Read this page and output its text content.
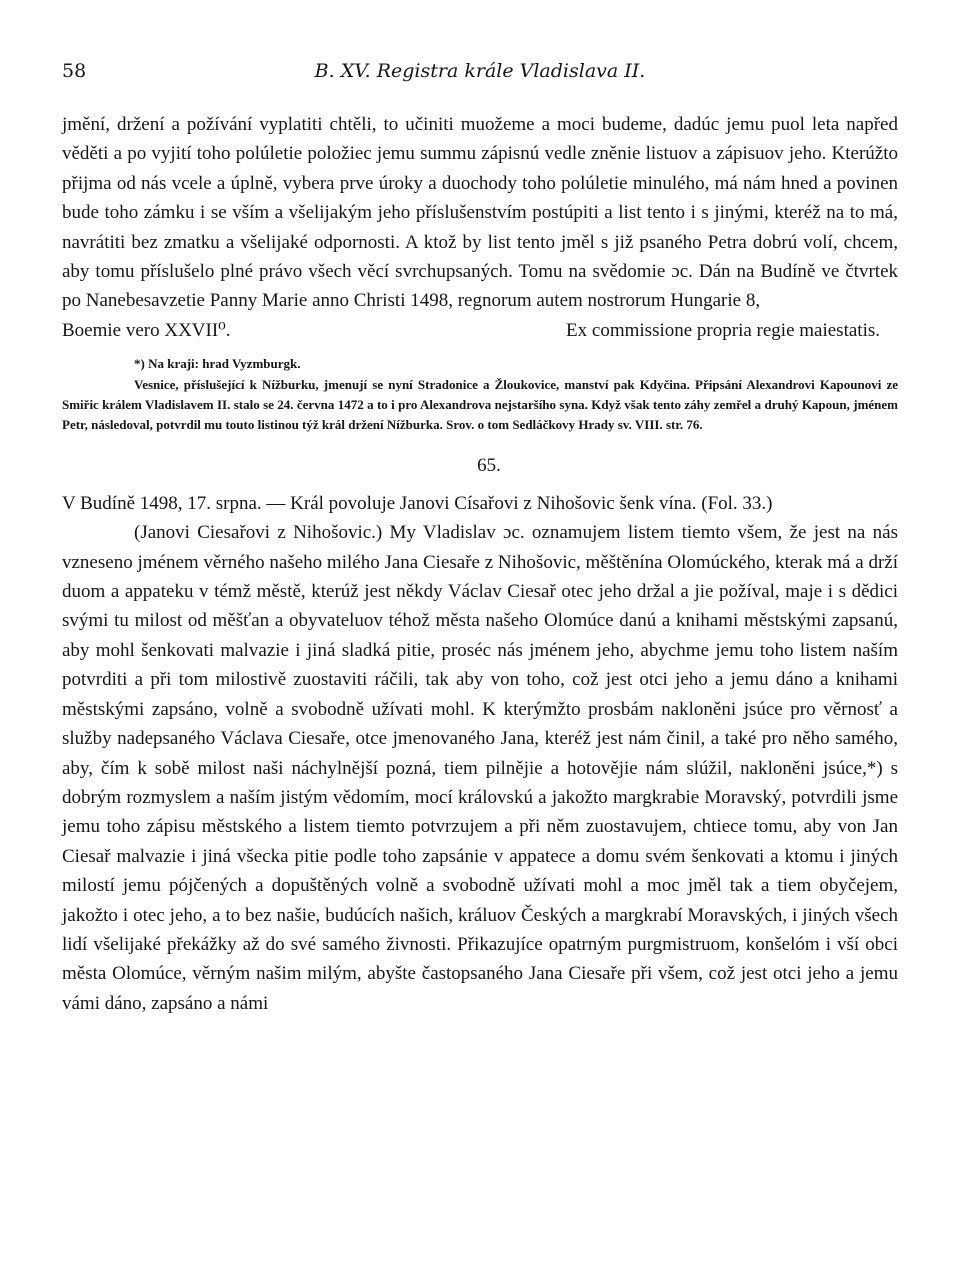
58	B. XV. Registra krále Vladislava II.

jmění, držení a požívání vyplatiti chtěli, to učiniti muožeme a moci budeme, dadúc jemu puol leta napřed věděti a po vyjití toho polúletie položiec jemu summu zápisnú vedle zněnie listuov a zápisuov jeho. Kterúžto přijma od nás vcele a úplně, vybera prve úroky a duochody toho polúletie minulého, má nám hned a povinen bude toho zámku i se vším a všelijakým jeho příslušenstvím postúpiti a list tento i s jinými, kteréž na to má, navrátiti bez zmatku a všelijaké odpornosti. A ktož by list tento jměl s již psaného Petra dobrú volí, chcem, aby tomu příslušelo plné právo všech věcí svrchupsaných. Tomu na svědomie ɔc. Dán na Budíně ve čtvrtek po Nanebesavzetie Panny Marie anno Christi 1498, regnorum autem nostrorum Hungarie 8,

Boemie vero XXVII⁰.	Ex commissione propria regie maiestatis.
*) Na kraji: hrad Vyzmburgk.

Vesnice, příslušející k Nížburku, jmenují se nyní Stradonice a Žloukovice, manství pak Kdyčina. Připsání Alexandrovi Kapounovi ze Smiřic králem Vladislavem II. stalo se 24. června 1472 a to i pro Alexandrova nejstaršího syna. Když však tento záhy zemřel a druhý Kapoun, jménem Petr, následoval, potvrdil mu touto listinou týž král držení Nížburka. Srov. o tom Sedláčkovy Hrady sv. VIII. str. 76.

65.
V Budíně 1498, 17. srpna. — Král povoluje Janovi Císařovi z Nihošovic šenk vína. (Fol. 33.)

(Janovi Ciesařovi z Nihošovic.) My Vladislav ɔc. oznamujem listem tiemto všem, že jest na nás vzneseno jménem věrného našeho milého Jana Ciesaře z Nihošovic, měštěnína Olomúckého, kterak má a drží duom a appateku v témž městě, kterúž jest někdy Václav Ciesař otec jeho držal a jie požíval, maje i s dědici svými tu milost od měšťan a obyvateluov téhož města našeho Olomúce danú a knihami městskými zapsanú, aby mohl šenkovati malvazie i jiná sladká pitie, proséc nás jménem jeho, abychme jemu toho listem naším potvrditi a při tom milostivě zuostaviti ráčili, tak aby von toho, což jest otci jeho a jemu dáno a knihami městskými zapsáno, volně a svobodně užívati mohl. K kterýmžto prosbám nakloněni jsúce pro věrnosť a služby nadepsaného Václava Ciesaře, otce jmenovaného Jana, kteréž jest nám činil, a také pro něho samého, aby, čím k sobě milost naši náchylnější pozná, tiem pilnějie a hotovějie nám slúžil, nakloněni jsúce,*) s dobrým rozmyslem a naším jistým vědomím, mocí královskú a jakožto margkrabie Moravský, potvrdili jsme jemu toho zápisu městského a listem tiemto potvrzujem a při něm zuostavujem, chtiece tomu, aby von Jan Ciesař malvazie i jiná všecka pitie podle toho zapsánie v appatece a domu svém šenkovati a ktomu i jiných milostí jemu pójčených a dopuštěných volně a svobodně užívati mohl a moc jměl tak a tiem obyčejem, jakožto i otec jeho, a to bez našie, budúcích našich, králuov Českých a margkrabí Moravských, i jiných všech lidí všelijaké překážky až do své samého živnosti. Přikazujíce opatrným purgmistruom, konšelóm i vší obci města Olomúce, věrným našim milým, abyšte častopsaného Jana Ciesaře při všem, což jest otci jeho a jemu vámi dáno, zapsáno a námi
